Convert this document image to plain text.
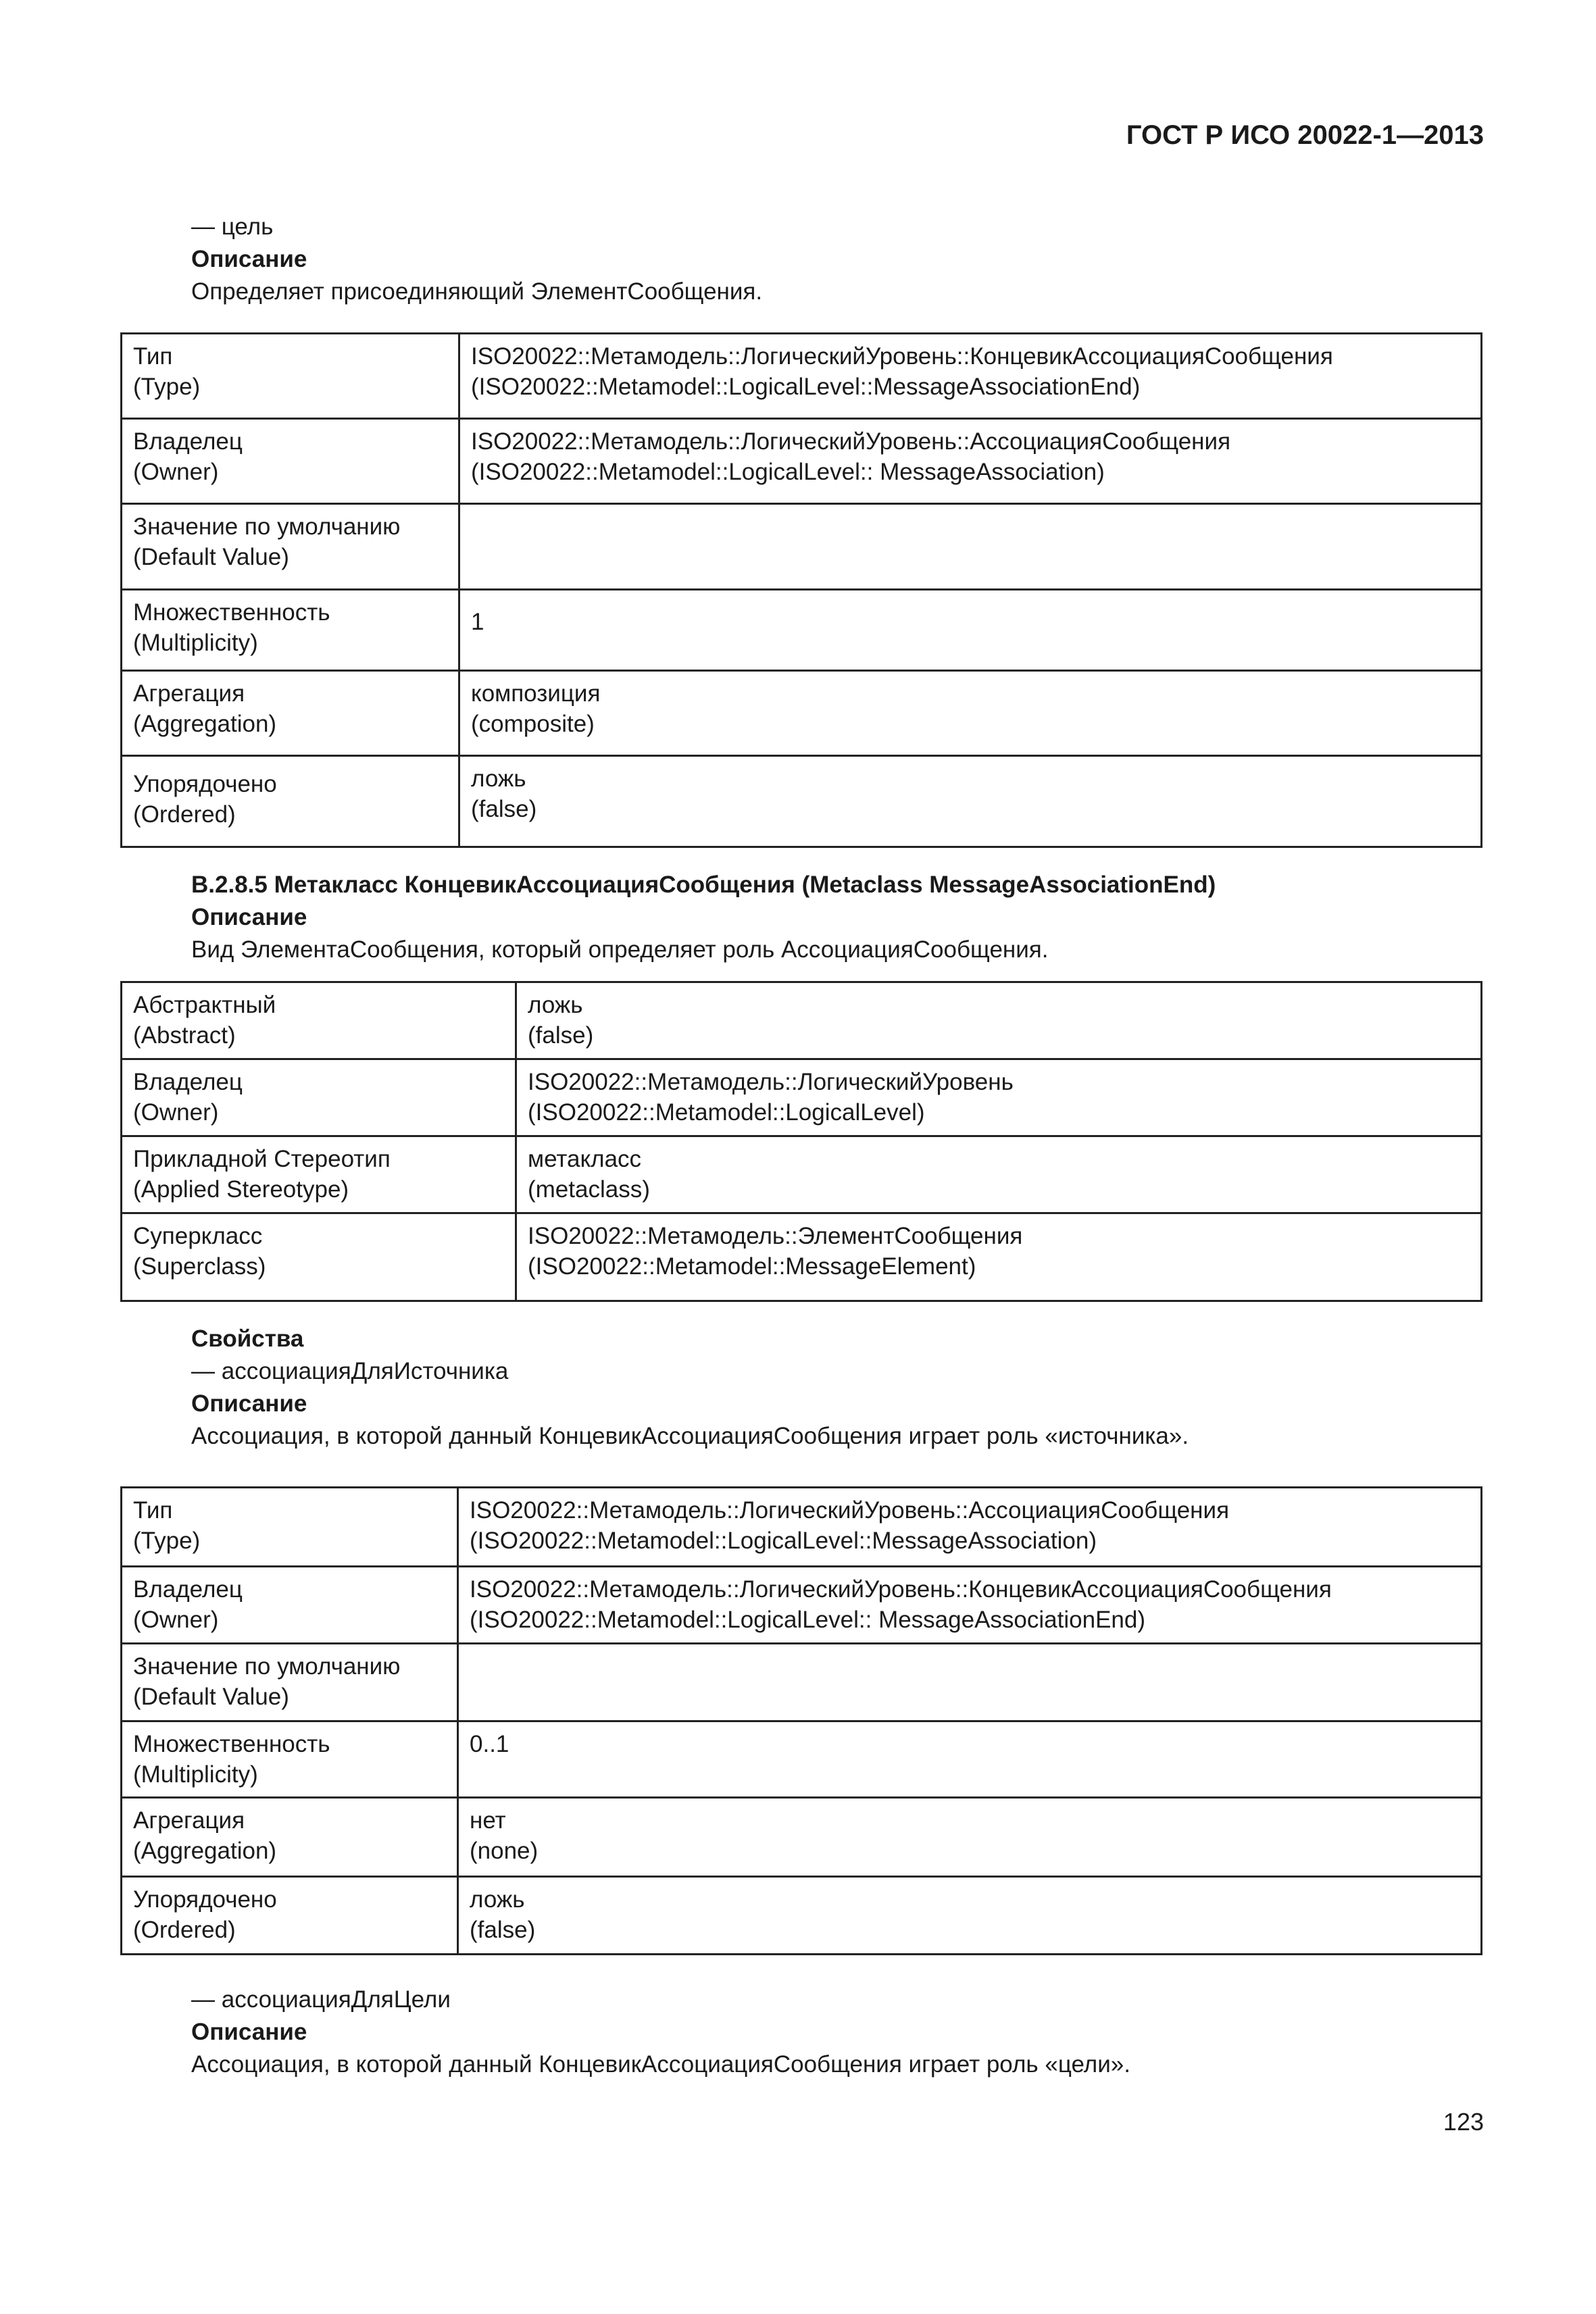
ГОСТ Р ИСО 20022-1—2013

— цель

Описание

Определяет присоединяющий ЭлементСообщения.

Тип
(Type)	ISO20022::Метамодель::ЛогическийУровень::КонцевикАссоциацияСообщения
(ISO20022::Metamodel::LogicalLevel::MessageAssociationEnd)

Владелец
(Owner)	ISO20022::Метамодель::ЛогическийУровень::АссоциацияСообщения
(ISO20022::Metamodel::LogicalLevel:: MessageAssociation)

Значение по умолчанию
(Default Value)	

Множественность
(Multiplicity)	1

Агрегация
(Aggregation)	композиция
(composite)

Упорядочено
(Ordered)	ложь
(false)

B.2.8.5 Метакласс КонцевикАссоциацияСообщения (Metaclass MessageAssociationEnd)

Описание

Вид ЭлементаСообщения, который определяет роль АссоциацияСообщения.

Абстрактный
(Abstract)	ложь
(false)

Владелец
(Owner)	ISO20022::Метамодель::ЛогическийУровень
(ISO20022::Metamodel::LogicalLevel)

Прикладной Стереотип
(Applied Stereotype)	метакласс
(metaclass)

Суперкласс
(Superclass)	ISO20022::Метамодель::ЭлементСообщения
(ISO20022::Metamodel::MessageElement)

Свойства

— ассоциацияДляИсточника

Описание

Ассоциация, в которой данный КонцевикАссоциацияСообщения играет роль «источника».

Тип
(Type)	ISO20022::Метамодель::ЛогическийУровень::АссоциацияСообщения
(ISO20022::Metamodel::LogicalLevel::MessageAssociation)

Владелец
(Owner)	ISO20022::Метамодель::ЛогическийУровень::КонцевикАссоциацияСообщения
(ISO20022::Metamodel::LogicalLevel:: MessageAssociationEnd)

Значение по умолчанию
(Default Value)	

Множественность
(Multiplicity)	0..1

Агрегация
(Aggregation)	нет
(none)

Упорядочено
(Ordered)	ложь
(false)

— ассоциацияДляЦели

Описание

Ассоциация, в которой данный КонцевикАссоциацияСообщения играет роль «цели».

123
